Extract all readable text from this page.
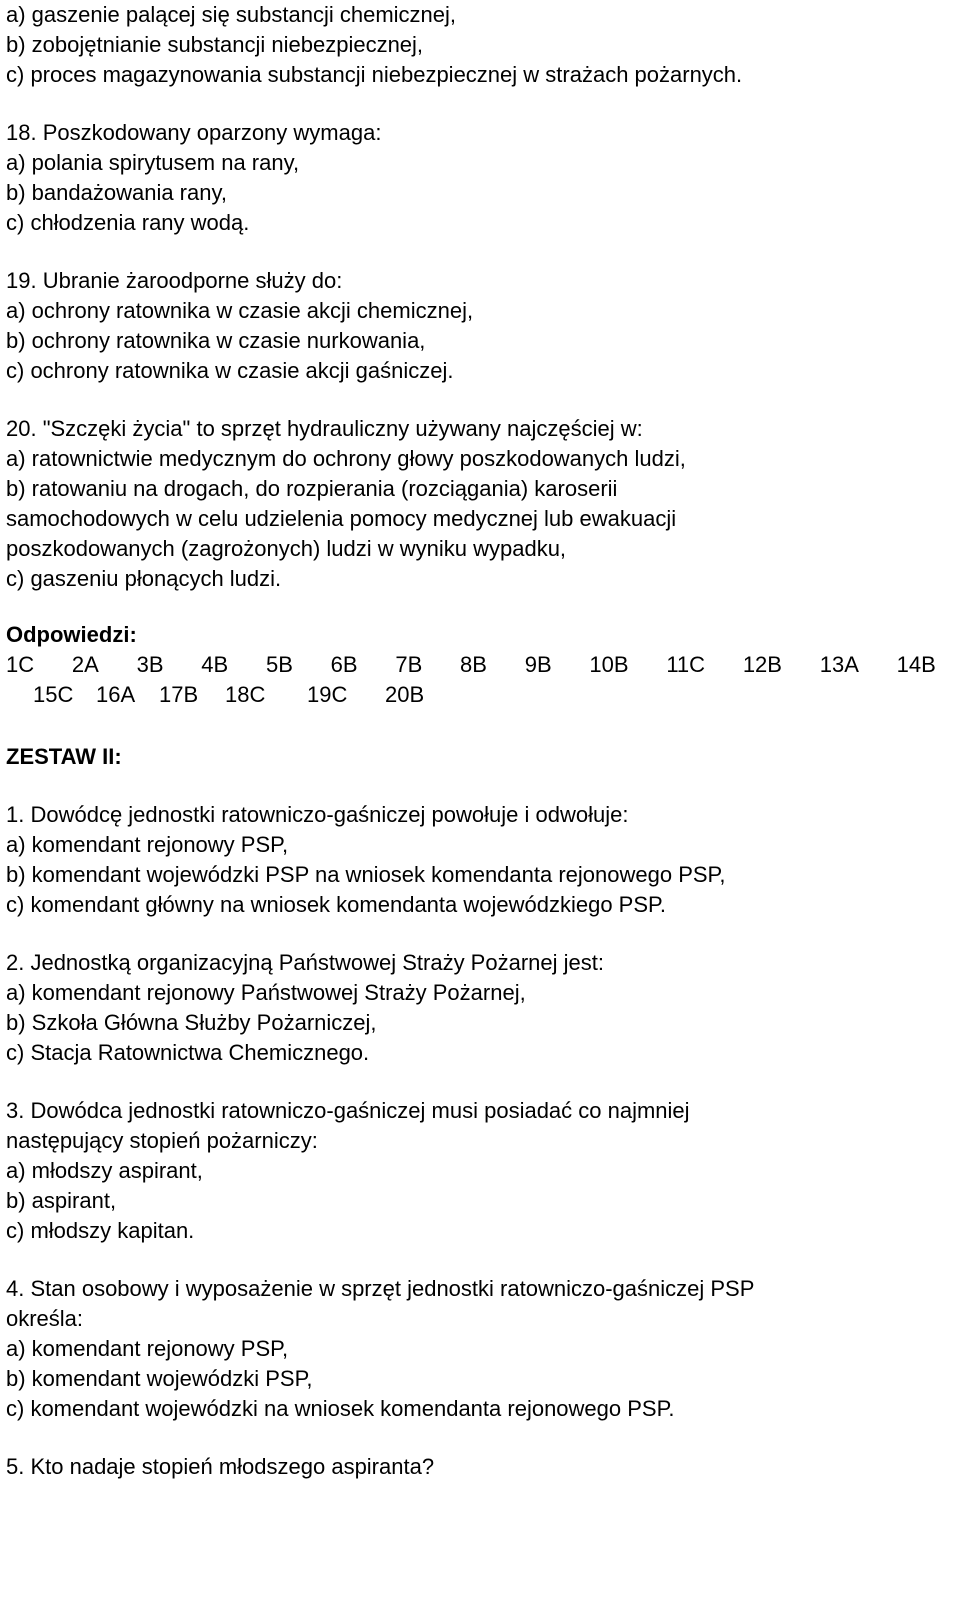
a) gaszenie palącej się substancji chemicznej,
b) zobojętnianie substancji niebezpiecznej,
c) proces magazynowania substancji niebezpiecznej w strażach pożarnych.
18. Poszkodowany oparzony wymaga:
a) polania spirytusem na rany,
b) bandażowania rany,
c) chłodzenia rany wodą.
19. Ubranie żaroodporne służy do:
a) ochrony ratownika w czasie akcji chemicznej,
b) ochrony ratownika w czasie nurkowania,
c) ochrony ratownika w czasie akcji gaśniczej.
20. "Szczęki życia" to sprzęt hydrauliczny używany najczęściej w:
a) ratownictwie medycznym do ochrony głowy poszkodowanych ludzi,
b) ratowaniu na drogach, do rozpierania (rozciągania) karoserii
samochodowych w celu udzielenia pomocy medycznej lub ewakuacji
poszkodowanych (zagrożonych) ludzi w wyniku wypadku,
c) gaszeniu płonących ludzi.
Odpowiedzi:
1C 2A 3B 4B 5B 6B 7B 8B 9B 10B 11C 12B 13A 14B
15C	16A	17B	18C	19C	20B
ZESTAW II:
1. Dowódcę jednostki ratowniczo-gaśniczej powołuje i odwołuje:
a) komendant rejonowy PSP,
b) komendant wojewódzki PSP na wniosek komendanta rejonowego PSP,
c) komendant główny na wniosek komendanta wojewódzkiego PSP.
2. Jednostką organizacyjną Państwowej Straży Pożarnej jest:
a) komendant rejonowy Państwowej Straży Pożarnej,
b) Szkoła Główna Służby Pożarniczej,
c) Stacja Ratownictwa Chemicznego.
3. Dowódca jednostki ratowniczo-gaśniczej musi posiadać co najmniej
następujący stopień pożarniczy:
a) młodszy aspirant,
b) aspirant,
c) młodszy kapitan.
4. Stan osobowy i wyposażenie w sprzęt jednostki ratowniczo-gaśniczej PSP
określa:
a) komendant rejonowy PSP,
b) komendant wojewódzki PSP,
c) komendant wojewódzki na wniosek komendanta rejonowego PSP.
5. Kto nadaje stopień młodszego aspiranta?
